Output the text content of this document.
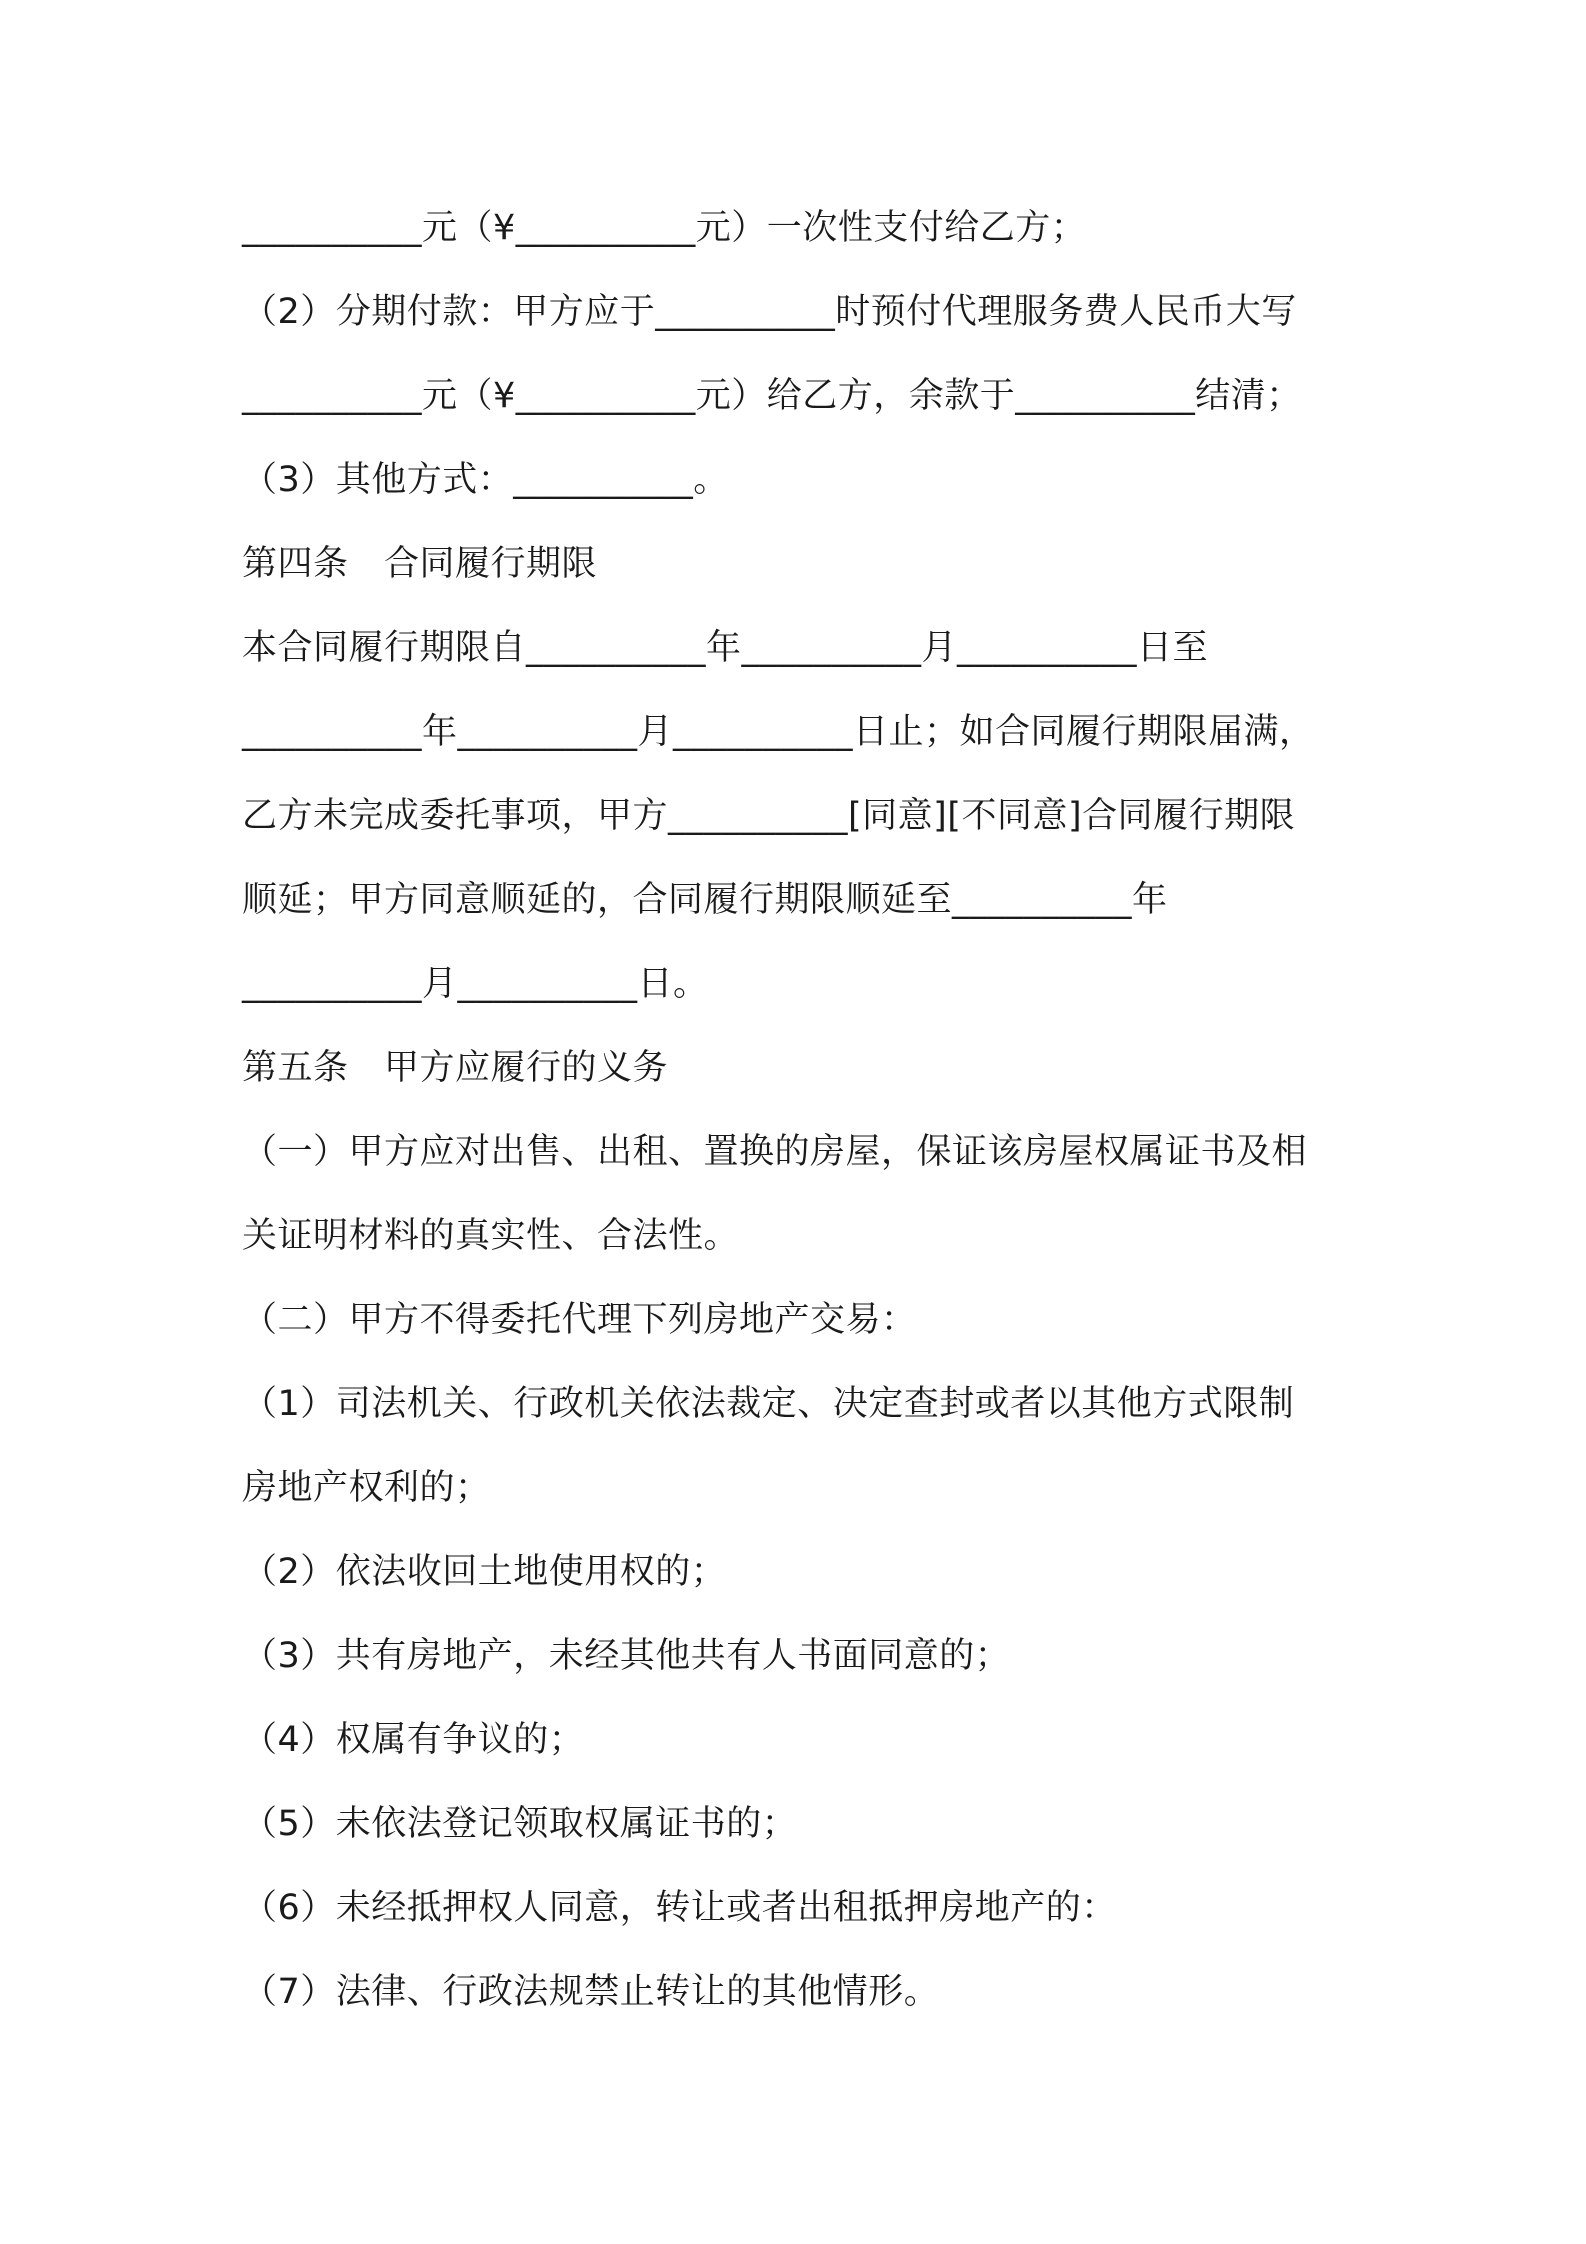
__________元（¥__________元）一次性支付给乙方；
（2）分期付款：甲方应于__________时预付代理服务费人民币大写
__________元（¥__________元）给乙方，余款于__________结清；
（3）其他方式：__________。
第四条　合同履行期限
本合同履行期限自__________年__________月__________日至
__________年__________月__________日止；如合同履行期限届满，
乙方未完成委托事项，甲方__________[同意][不同意]合同履行期限
顺延；甲方同意顺延的，合同履行期限顺延至__________年
__________月__________日。
第五条　甲方应履行的义务
（一）甲方应对出售、出租、置换的房屋，保证该房屋权属证书及相
关证明材料的真实性、合法性。
（二）甲方不得委托代理下列房地产交易：
（1）司法机关、行政机关依法裁定、决定查封或者以其他方式限制
房地产权利的；
（2）依法收回土地使用权的；
（3）共有房地产，未经其他共有人书面同意的；
（4）权属有争议的；
（5）未依法登记领取权属证书的；
（6）未经抵押权人同意，转让或者出租抵押房地产的：
（7）法律、行政法规禁止转让的其他情形。
